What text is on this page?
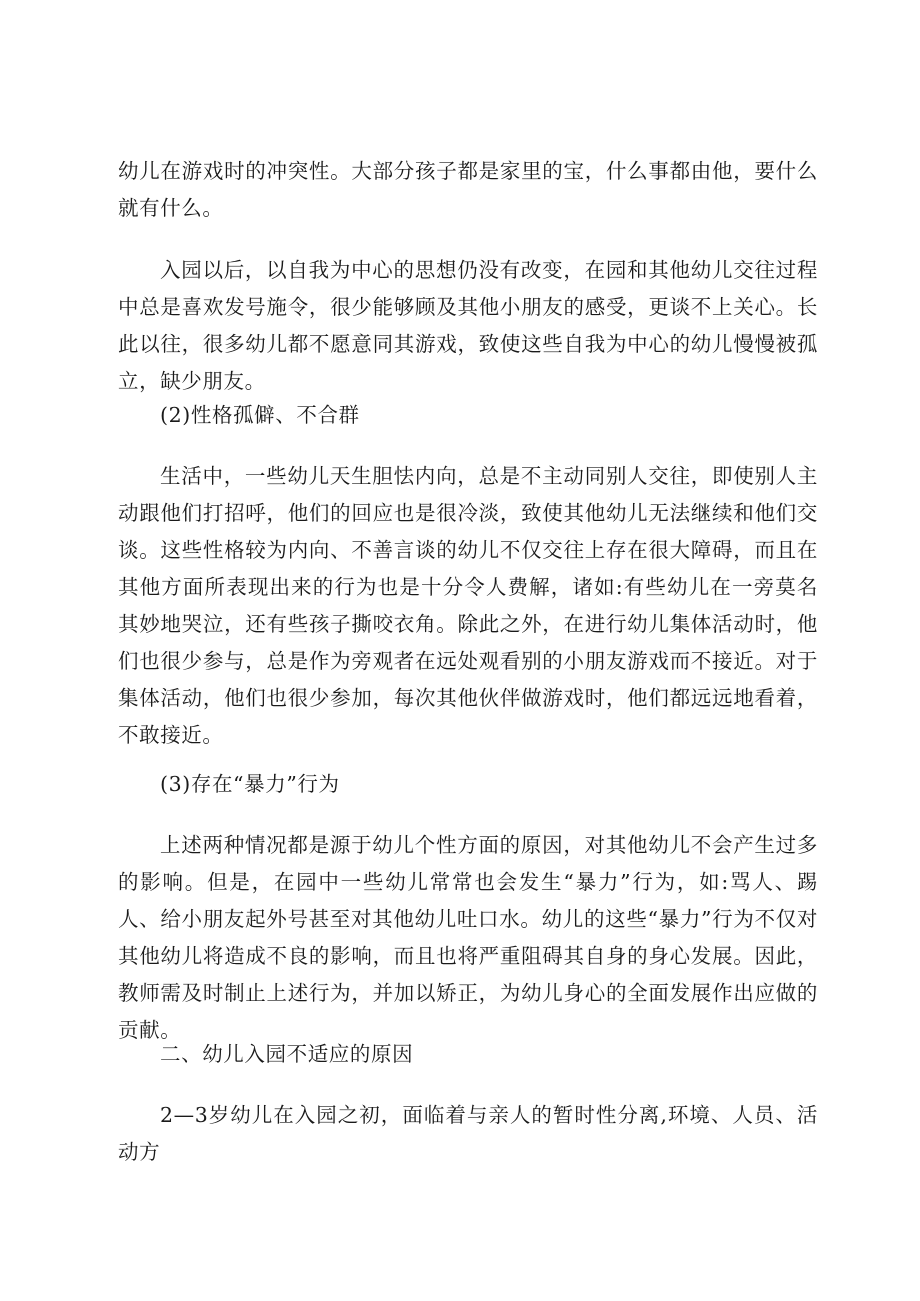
幼儿在游戏时的冲突性。大部分孩子都是家里的宝，什么事都由他，要什么就有什么。

入园以后，以自我为中心的思想仍没有改变，在园和其他幼儿交往过程中总是喜欢发号施令，很少能够顾及其他小朋友的感受，更谈不上关心。长此以往，很多幼儿都不愿意同其游戏，致使这些自我为中心的幼儿慢慢被孤立，缺少朋友。

(2)性格孤僻、不合群

生活中，一些幼儿天生胆怯内向，总是不主动同别人交往，即使别人主动跟他们打招呼，他们的回应也是很冷淡，致使其他幼儿无法继续和他们交谈。这些性格较为内向、不善言谈的幼儿不仅交往上存在很大障碍，而且在其他方面所表现出来的行为也是十分令人费解，诸如:有些幼儿在一旁莫名其妙地哭泣，还有些孩子撕咬衣角。除此之外，在进行幼儿集体活动时，他们也很少参与，总是作为旁观者在远处观看别的小朋友游戏而不接近。对于集体活动，他们也很少参加，每次其他伙伴做游戏时，他们都远远地看着，不敢接近。

(3)存在“暴力”行为

上述两种情况都是源于幼儿个性方面的原因，对其他幼儿不会产生过多的影响。但是，在园中一些幼儿常常也会发生“暴力”行为，如:骂人、踢人、给小朋友起外号甚至对其他幼儿吐口水。幼儿的这些“暴力”行为不仅对其他幼儿将造成不良的影响，而且也将严重阻碍其自身的身心发展。因此，教师需及时制止上述行为，并加以矫正，为幼儿身心的全面发展作出应做的贡献。

二、幼儿入园不适应的原因

2—3岁幼儿在入园之初，面临着与亲人的暂时性分离,环境、人员、活动方
